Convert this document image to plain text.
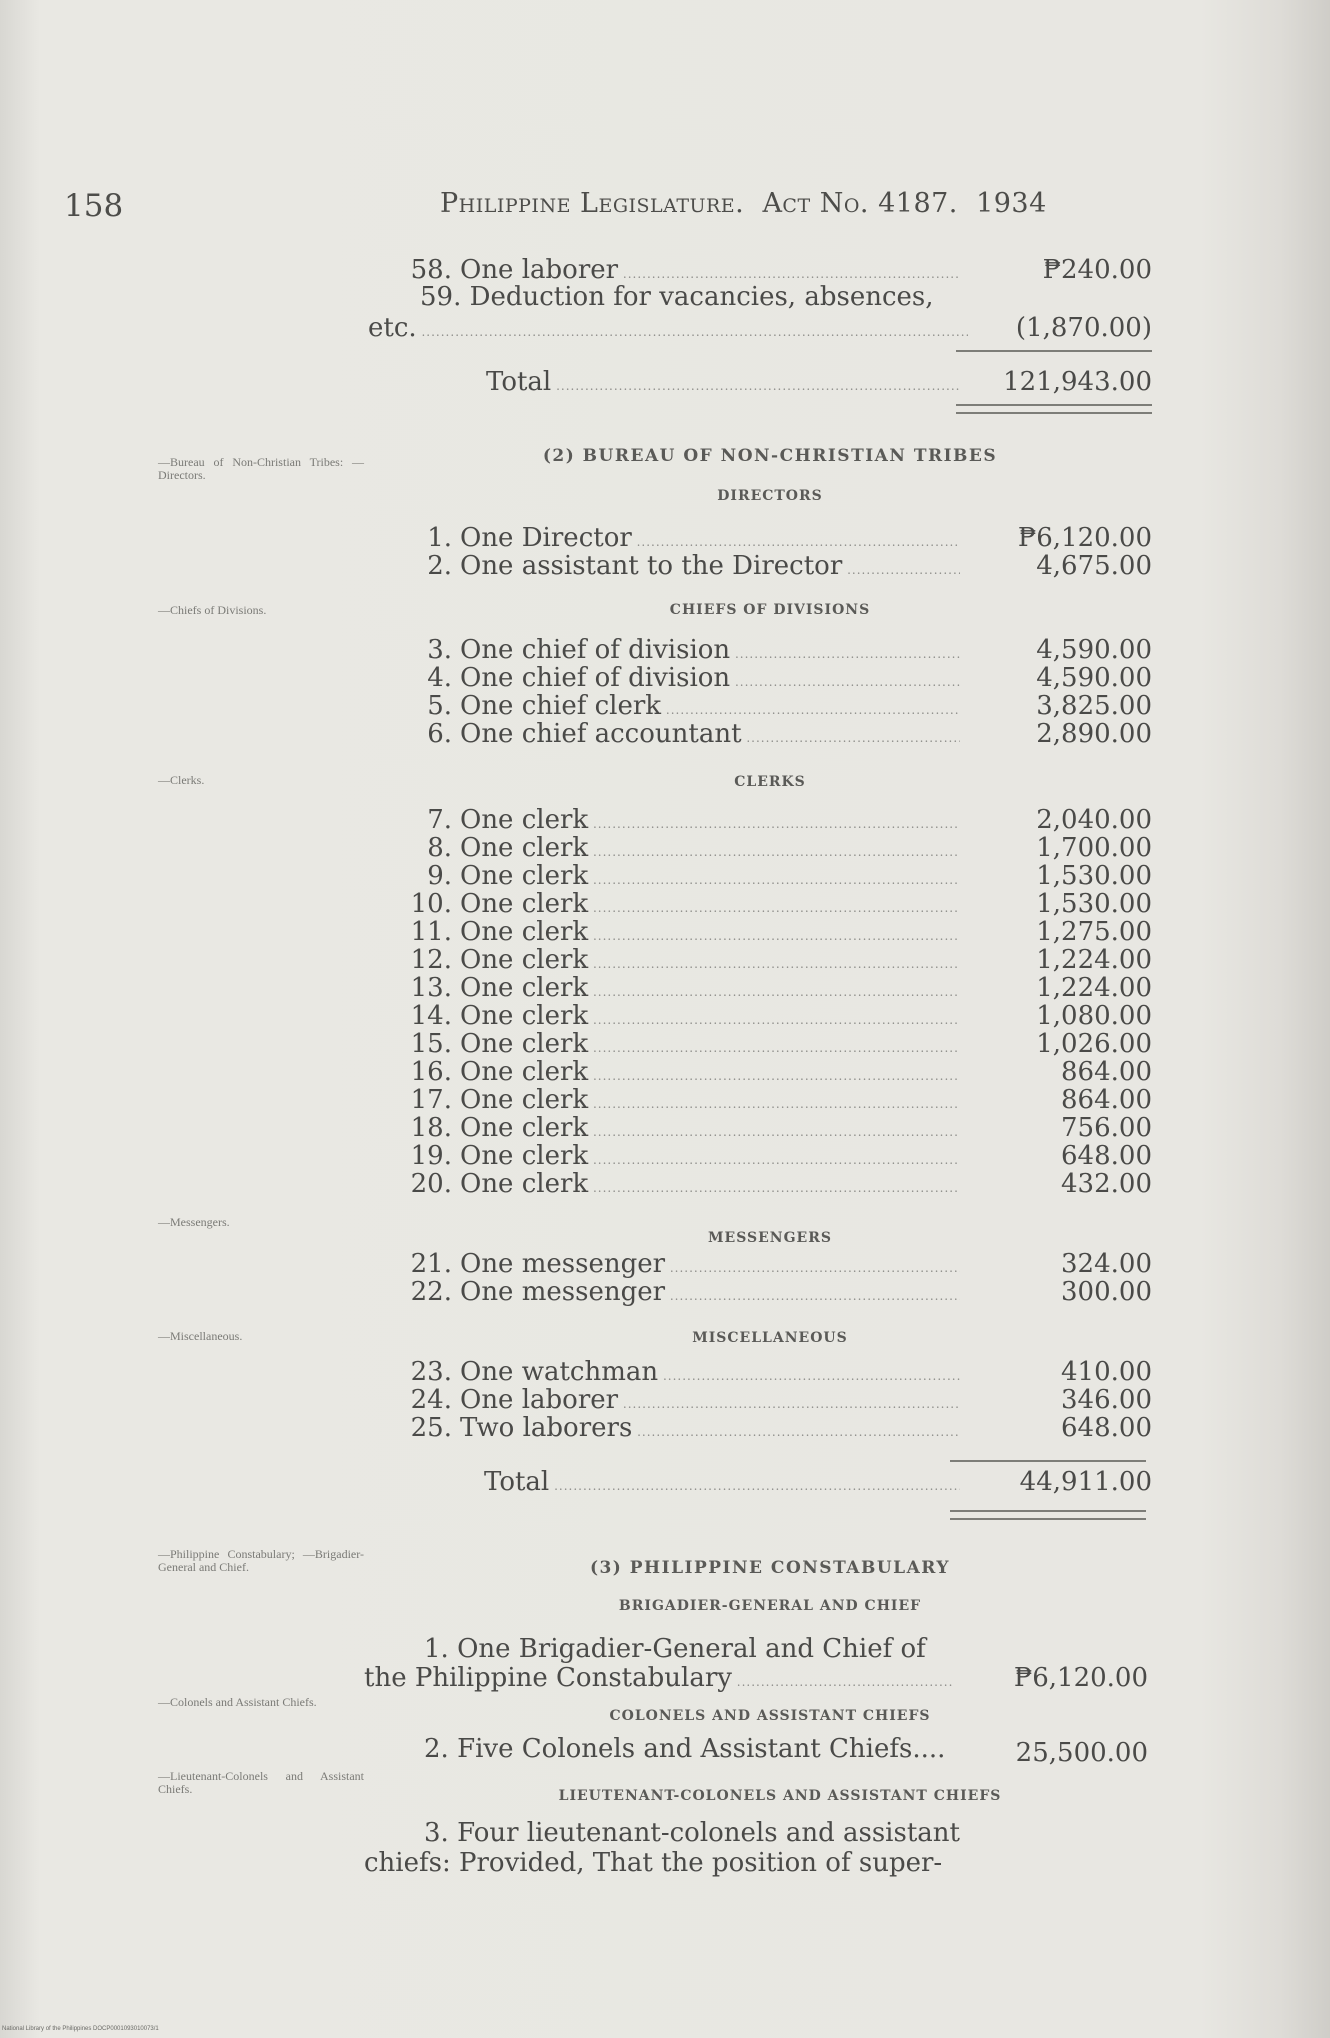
158	Philippine Legislature. Act No. 4187. 1934
58. One laborer .....	₱240.00
59. Deduction for vacancies, absences,
etc. .....	(1,870.00)
Total .....	121,943.00
—Bureau of Non-Christian Tribes: —Directors.
(2) BUREAU OF NON-CHRISTIAN TRIBES
DIRECTORS
1. One Director .....	₱6,120.00
2. One assistant to the Director .....	4,675.00
—Chiefs of Divisions.	CHIEFS OF DIVISIONS
3. One chief of division .....	4,590.00
4. One chief of division .....	4,590.00
5. One chief clerk .....	3,825.00
6. One chief accountant .....	2,890.00
—Clerks.	CLERKS
7. One clerk .....	2,040.00
8. One clerk .....	1,700.00
9. One clerk .....	1,530.00
10. One clerk .....	1,530.00
11. One clerk .....	1,275.00
12. One clerk .....	1,224.00
13. One clerk .....	1,224.00
14. One clerk .....	1,080.00
15. One clerk .....	1,026.00
16. One clerk .....	864.00
17. One clerk .....	864.00
18. One clerk .....	756.00
19. One clerk .....	648.00
20. One clerk .....	432.00
—Messengers.
MESSENGERS
21. One messenger .....	324.00
22. One messenger .....	300.00
—Miscellaneous.	MISCELLANEOUS
23. One watchman .....	410.00
24. One laborer .....	346.00
25. Two laborers .....	648.00
Total .....	44,911.00
—Philippine Constabulary; —Brigadier-General and Chief.	(3) PHILIPPINE CONSTABULARY
BRIGADIER-GENERAL AND CHIEF
1. One Brigadier-General and Chief of
the Philippine Constabulary .....	₱6,120.00
—Colonels and Assistant Chiefs.
COLONELS AND ASSISTANT CHIEFS
2. Five Colonels and Assistant Chiefs....	25,500.00
—Lieutenant-Colonels and Assistant Chiefs.	LIEUTENANT-COLONELS AND ASSISTANT CHIEFS
3. Four lieutenant-colonels and assistant
chiefs: Provided, That the position of super-
National Library of the Philippines DOCP0001093010073/1
